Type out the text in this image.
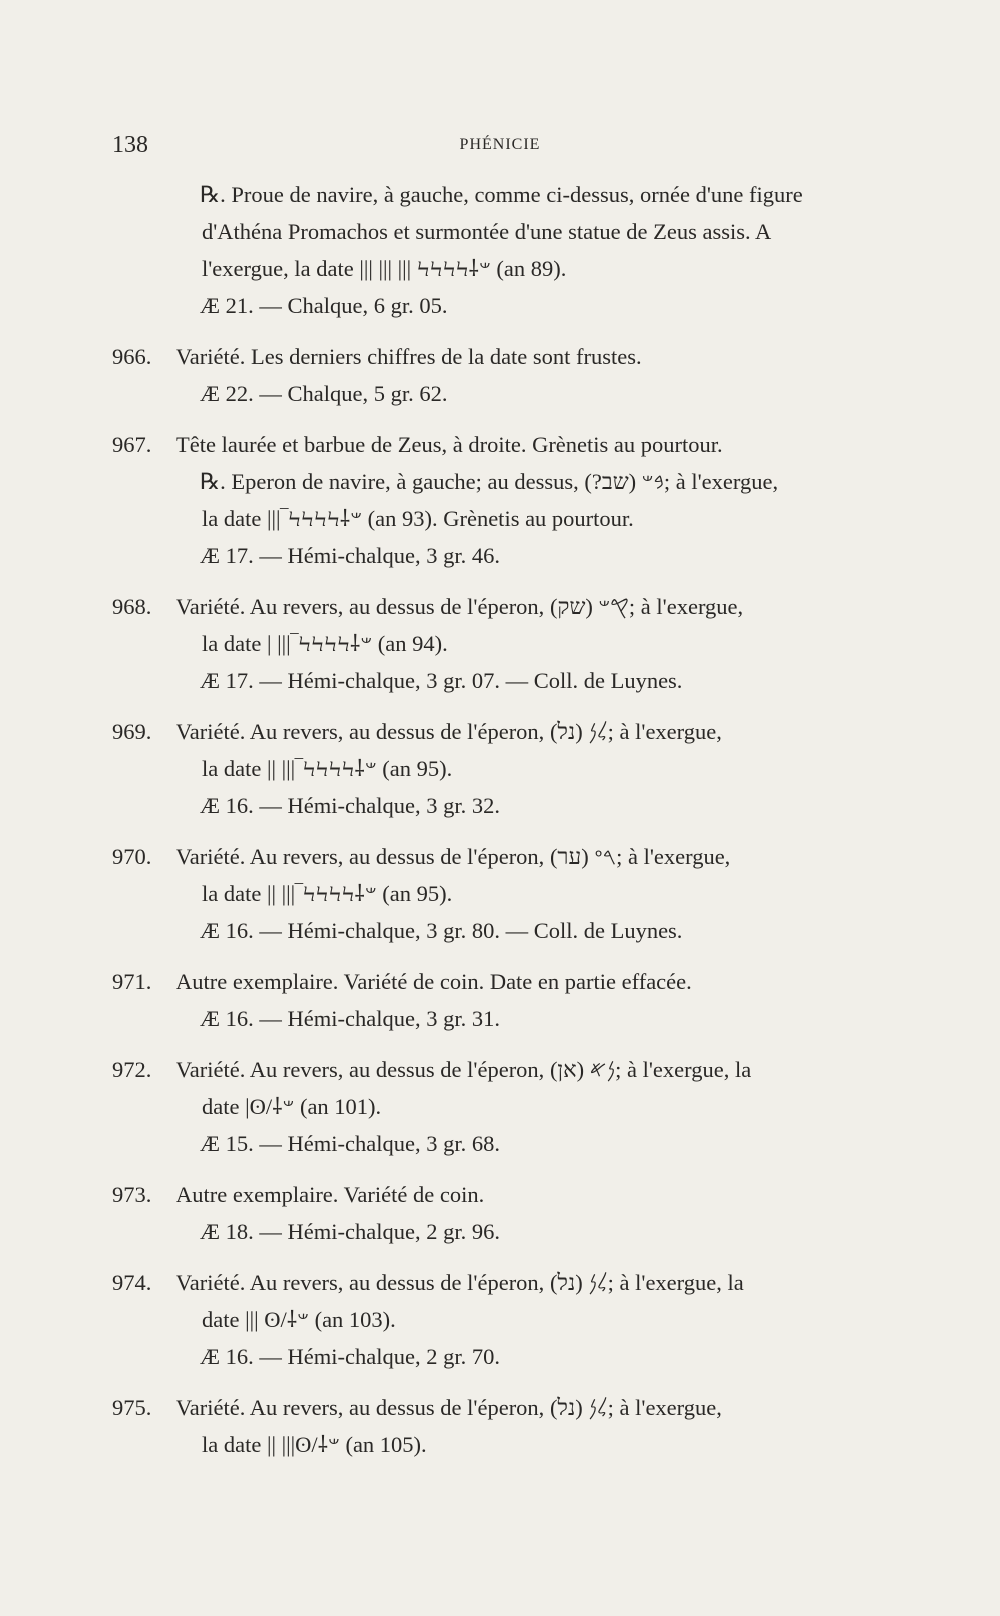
138	PHÉNICIE
℞. Proue de navire, à gauche, comme ci-dessus, ornée d'une figure
d'Athéna Promachos et surmontée d'une statue de Zeus assis. A
l'exergue, la date ||| ||| ||| ϞϞϞϞ⸸𐤔 (an 89).
Æ 21. — Chalque, 6 gr. 05.
966. Variété. Les derniers chiffres de la date sont frustes.
Æ 22. — Chalque, 5 gr. 62.
967. Tête laurée et barbue de Zeus, à droite. Grènetis au pourtour.
℞. Eperon de navire, à gauche; au dessus, 𐤁𐤔 (שב?); à l'exergue,
la date |||‾ϞϞϞϞ⸸𐤔 (an 93). Grènetis au pourtour.
Æ 17. — Hémi-chalque, 3 gr. 46.
968. Variété. Au revers, au dessus de l'éperon, 𐤒𐤔 (שק); à l'exergue,
la date | |||‾ϞϞϞϞ⸸𐤔 (an 94).
Æ 17. — Hémi-chalque, 3 gr. 07. — Coll. de Luynes.
969. Variété. Au revers, au dessus de l'éperon, 𐤋𐤍 (נל); à l'exergue,
la date || |||‾ϞϞϞϞ⸸𐤔 (an 95).
Æ 16. — Hémi-chalque, 3 gr. 32.
970. Variété. Au revers, au dessus de l'éperon, 𐤓𐤏 (ער); à l'exergue,
la date || |||‾ϞϞϞϞ⸸𐤔 (an 95).
Æ 16. — Hémi-chalque, 3 gr. 80. — Coll. de Luynes.
971. Autre exemplaire. Variété de coin. Date en partie effacée.
Æ 16. — Hémi-chalque, 3 gr. 31.
972. Variété. Au revers, au dessus de l'éperon, 𐤍𐤀 (אן); à l'exergue, la
date |ʘ/⸸𐤔 (an 101).
Æ 15. — Hémi-chalque, 3 gr. 68.
973. Autre exemplaire. Variété de coin.
Æ 18. — Hémi-chalque, 2 gr. 96.
974. Variété. Au revers, au dessus de l'éperon, 𐤋𐤍 (נל); à l'exergue, la
date ||| ʘ/⸸𐤔 (an 103).
Æ 16. — Hémi-chalque, 2 gr. 70.
975. Variété. Au revers, au dessus de l'éperon, 𐤋𐤍 (נל); à l'exergue,
la date || |||ʘ/⸸𐤔 (an 105).
